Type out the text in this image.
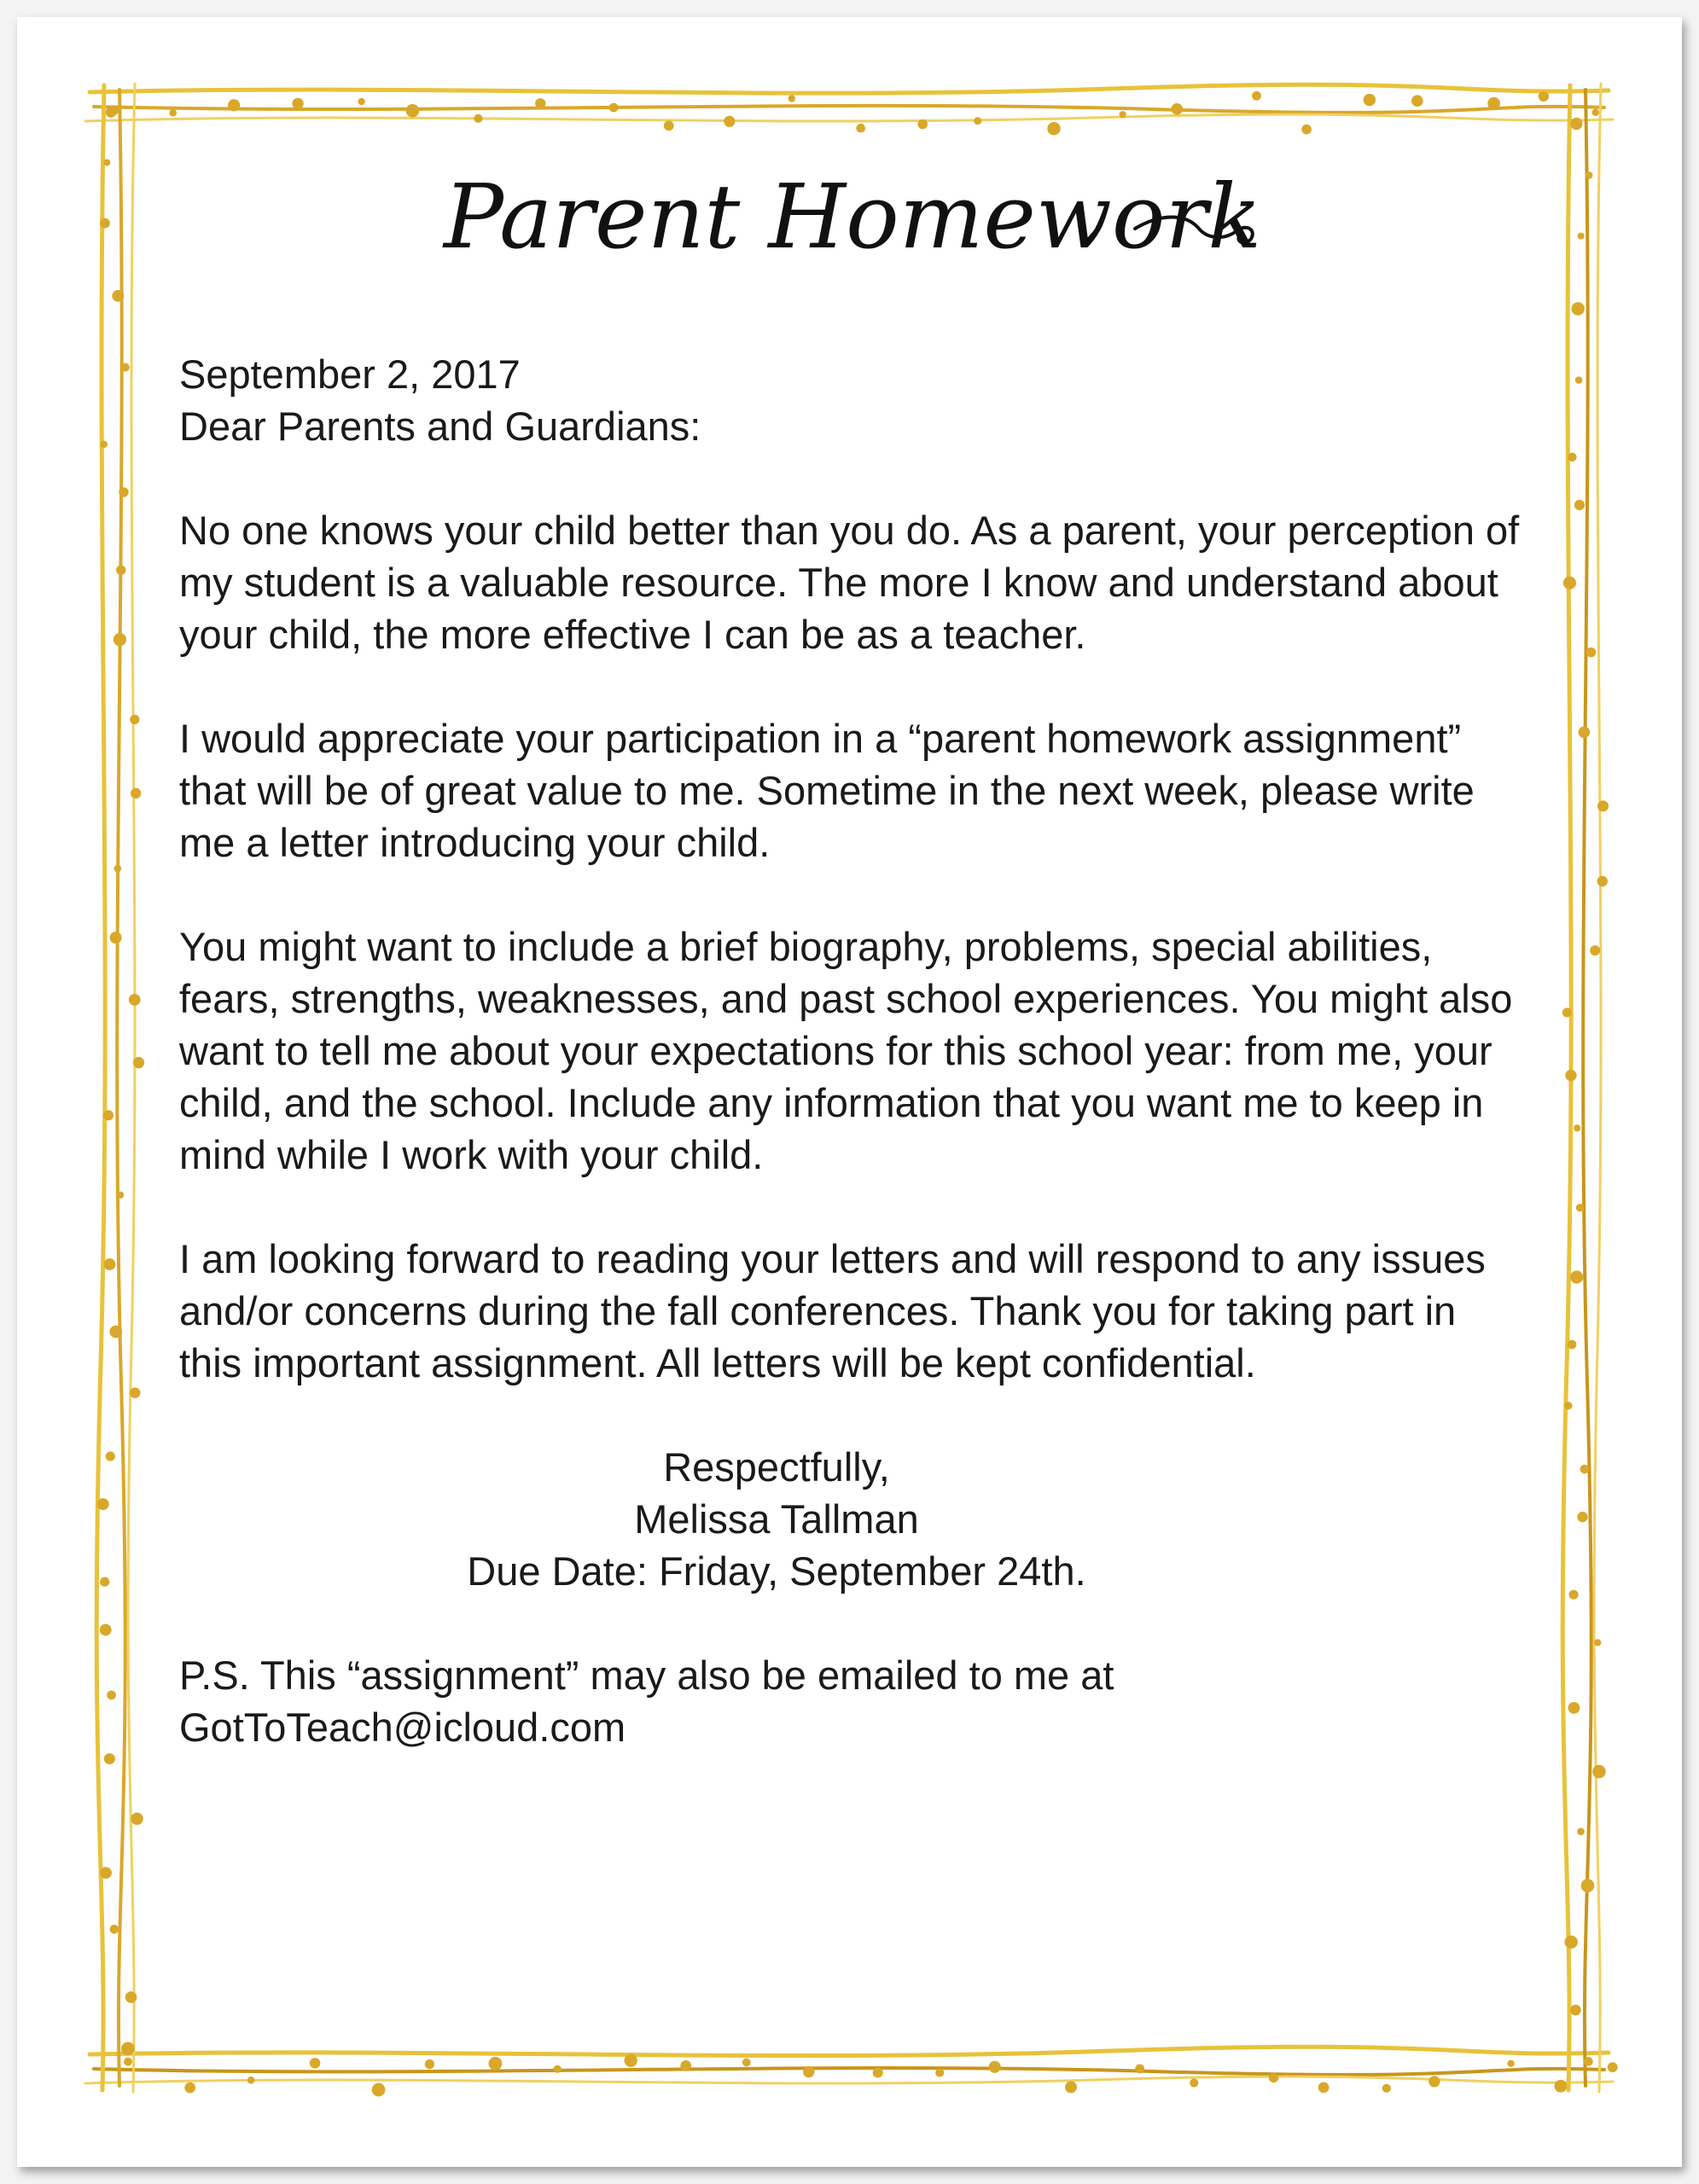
Parent Homework

September 2, 2017

Dear Parents and Guardians:

No one knows your child better than you do. As a parent, your perception of my student is a valuable resource. The more I know and understand about your child, the more effective I can be as a teacher.

I would appreciate your participation in a “parent homework assignment” that will be of great value to me. Sometime in the next week, please write me a letter introducing your child.

You might want to include a brief biography, problems, special abilities, fears, strengths, weaknesses, and past school experiences. You might also want to tell me about your expectations for this school year: from me, your child, and the school. Include any information that you want me to keep in mind while I work with your child.

I am looking forward to reading your letters and will respond to any issues and/or concerns during the fall conferences. Thank you for taking part in this important assignment. All letters will be kept confidential.

Respectfully,

Melissa Tallman

Due Date: Friday, September 24th.

P.S. This “assignment” may also be emailed to me at

GotToTeach@icloud.com
